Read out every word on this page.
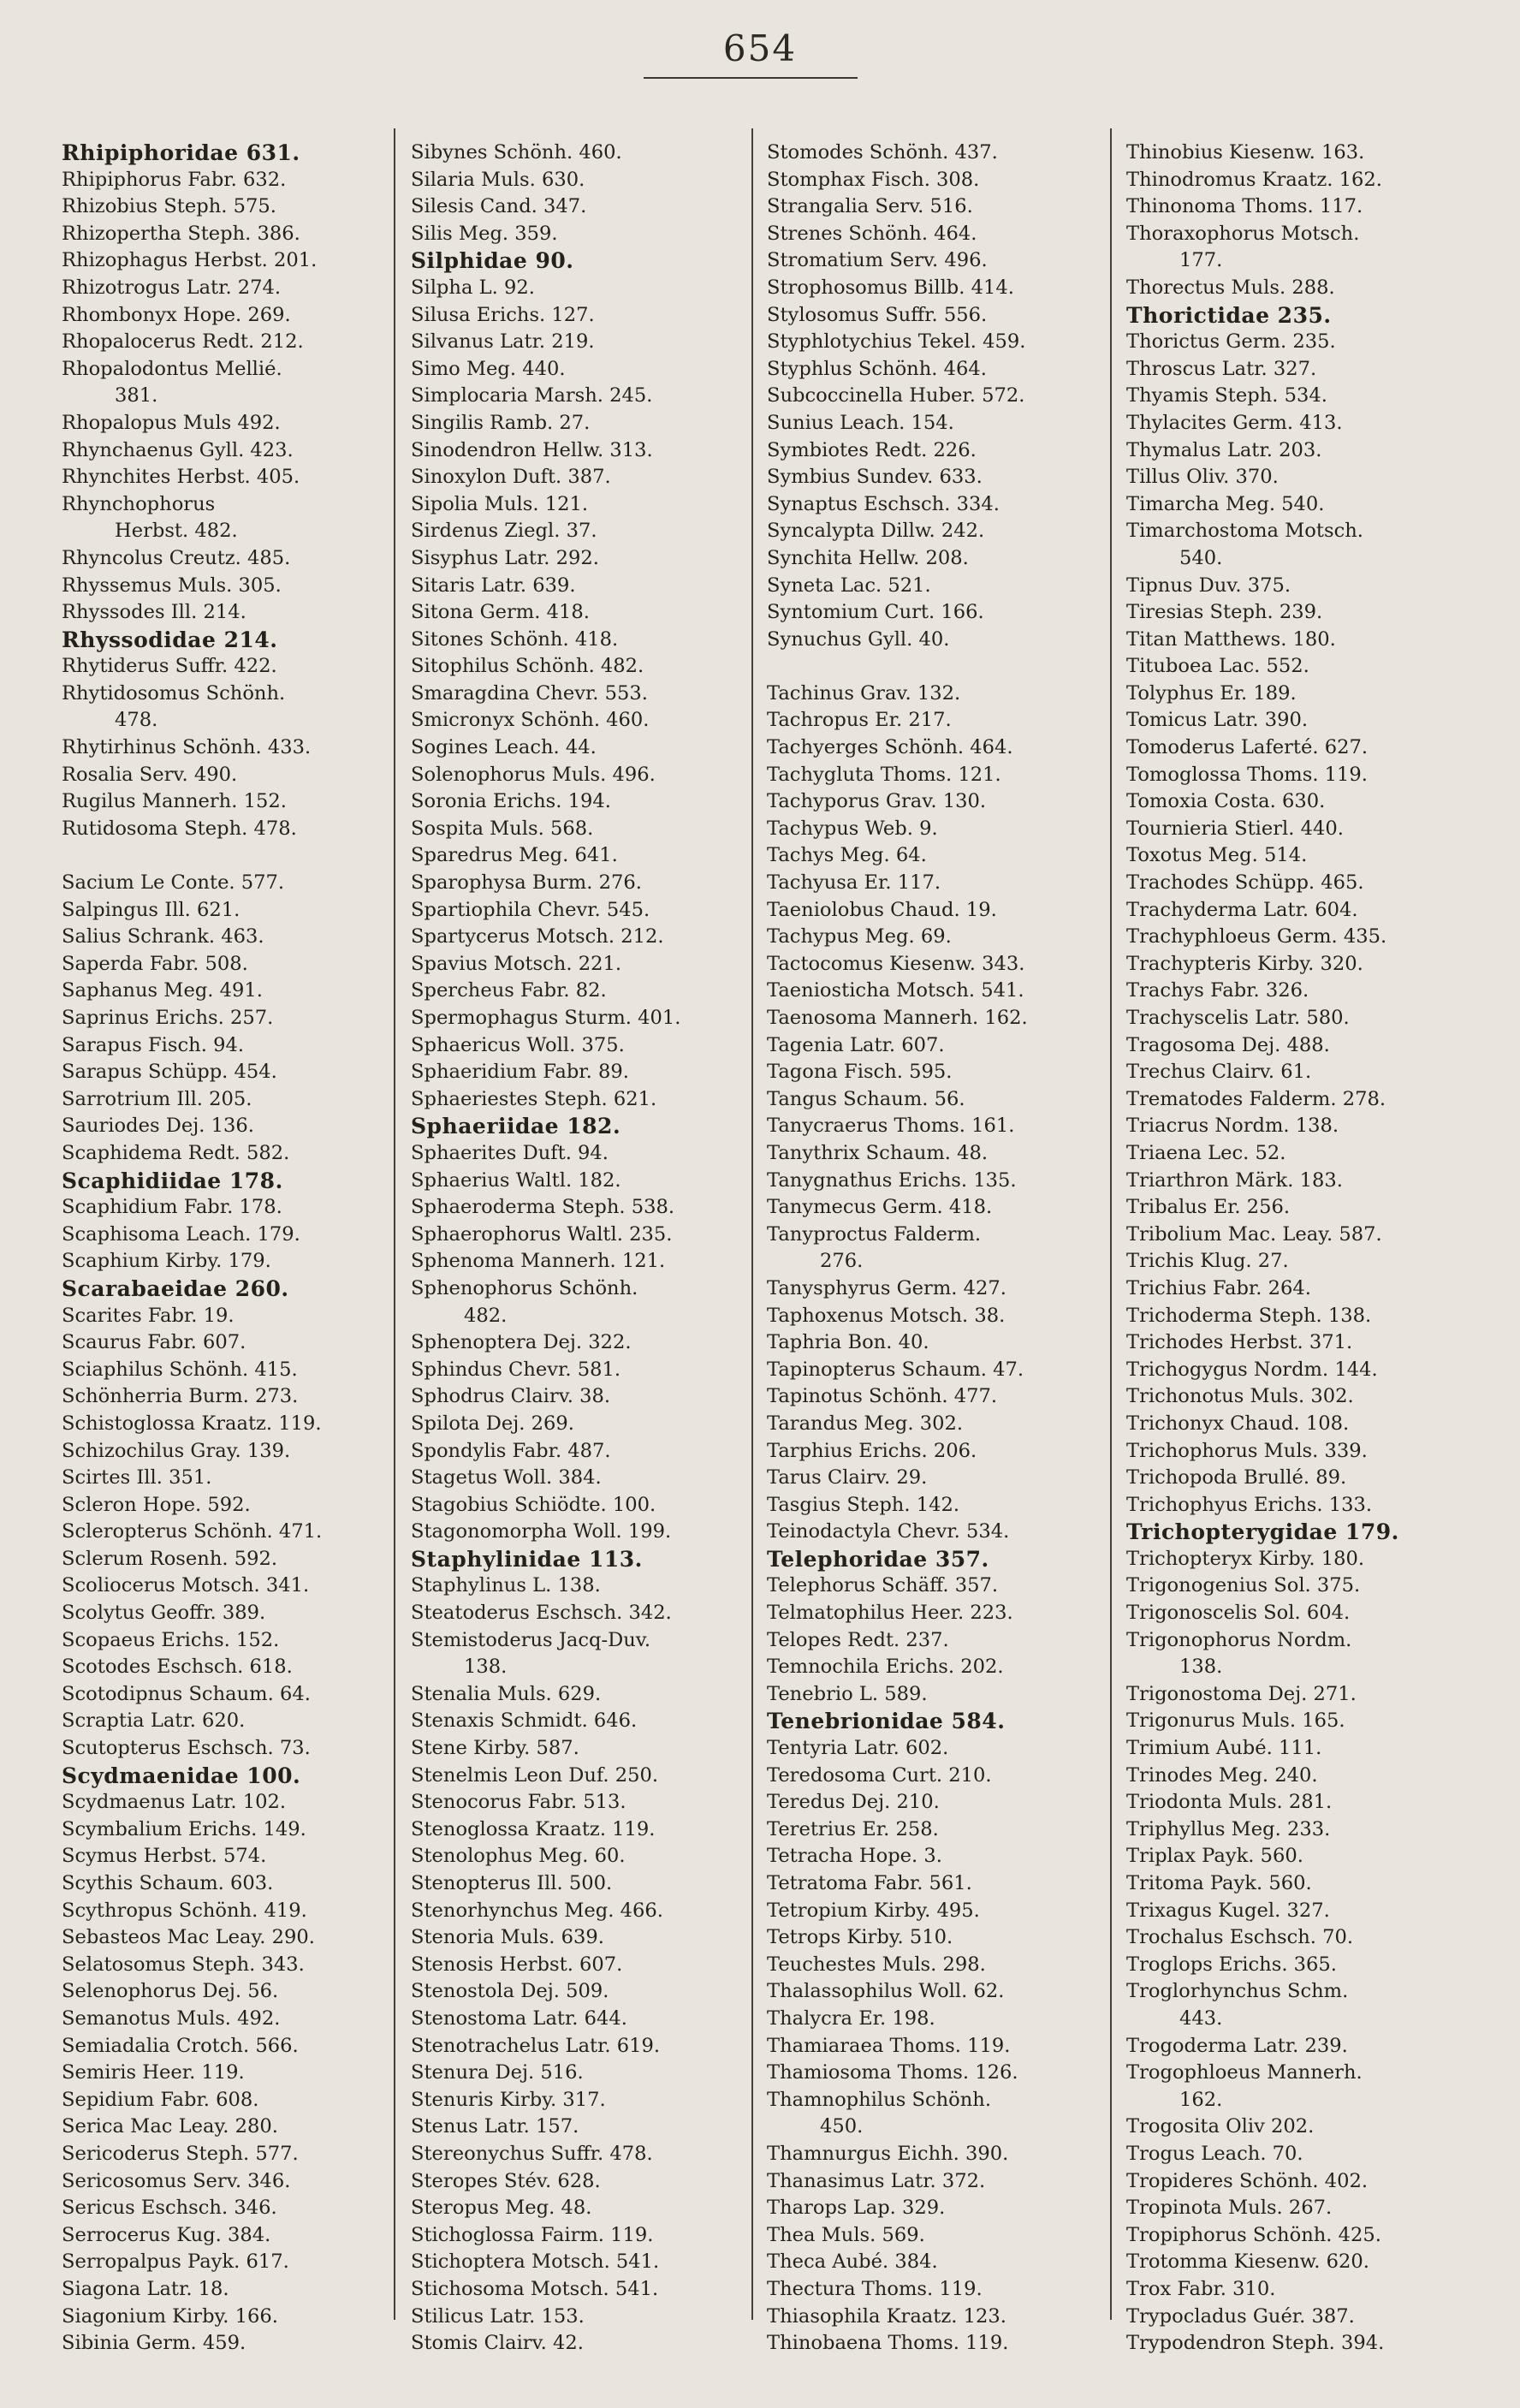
654
Rhipiphoridae 631.
Rhipiphorus Fabr. 632.
Rhizobius Steph. 575.
Rhizopertha Steph. 386.
Rhizophagus Herbst. 201.
Rhizotrogus Latr. 274.
Rhombonyx Hope. 269.
Rhopalocerus Redt. 212.
Rhopalodontus Mellié.
381.
Rhopalopus Muls 492.
Rhynchaenus Gyll. 423.
Rhynchites Herbst. 405.
Rhynchophorus
Herbst. 482.
Rhyncolus Creutz. 485.
Rhyssemus Muls. 305.
Rhyssodes Ill. 214.
Rhyssodidae 214.
Rhytiderus Suffr. 422.
Rhytidosomus Schönh.
478.
Rhytirhinus Schönh. 433.
Rosalia Serv. 490.
Rugilus Mannerh. 152.
Rutidosoma Steph. 478.
Sacium Le Conte. 577.
Salpingus Ill. 621.
Salius Schrank. 463.
Saperda Fabr. 508.
Saphanus Meg. 491.
Saprinus Erichs. 257.
Sarapus Fisch. 94.
Sarapus Schüpp. 454.
Sarrotrium Ill. 205.
Sauriodes Dej. 136.
Scaphidema Redt. 582.
Scaphidiidae 178.
Scaphidium Fabr. 178.
Scaphisoma Leach. 179.
Scaphium Kirby. 179.
Scarabaeidae 260.
Scarites Fabr. 19.
Scaurus Fabr. 607.
Sciaphilus Schönh. 415.
Schönherria Burm. 273.
Schistoglossa Kraatz. 119.
Schizochilus Gray. 139.
Scirtes Ill. 351.
Scleron Hope. 592.
Scleropterus Schönh. 471.
Sclerum Rosenh. 592.
Scoliocerus Motsch. 341.
Scolytus Geoffr. 389.
Scopaeus Erichs. 152.
Scotodes Eschsch. 618.
Scotodipnus Schaum. 64.
Scraptia Latr. 620.
Scutopterus Eschsch. 73.
Scydmaenidae 100.
Scydmaenus Latr. 102.
Scymbalium Erichs. 149.
Scymus Herbst. 574.
Scythis Schaum. 603.
Scythropus Schönh. 419.
Sebasteos Mac Leay. 290.
Selatosomus Steph. 343.
Selenophorus Dej. 56.
Semanotus Muls. 492.
Semiadalia Crotch. 566.
Semiris Heer. 119.
Sepidium Fabr. 608.
Serica Mac Leay. 280.
Sericoderus Steph. 577.
Sericosomus Serv. 346.
Sericus Eschsch. 346.
Serrocerus Kug. 384.
Serropalpus Payk. 617.
Siagona Latr. 18.
Siagonium Kirby. 166.
Sibinia Germ. 459.
Sibynes Schönh. 460.
Silaria Muls. 630.
Silesis Cand. 347.
Silis Meg. 359.
Silphidae 90.
Silpha L. 92.
Silusa Erichs. 127.
Silvanus Latr. 219.
Simo Meg. 440.
Simplocaria Marsh. 245.
Singilis Ramb. 27.
Sinodendron Hellw. 313.
Sinoxylon Duft. 387.
Sipolia Muls. 121.
Sirdenus Ziegl. 37.
Sisyphus Latr. 292.
Sitaris Latr. 639.
Sitona Germ. 418.
Sitones Schönh. 418.
Sitophilus Schönh. 482.
Smaragdina Chevr. 553.
Smicronyx Schönh. 460.
Sogines Leach. 44.
Solenophorus Muls. 496.
Soronia Erichs. 194.
Sospita Muls. 568.
Sparedrus Meg. 641.
Sparophysa Burm. 276.
Spartiophila Chevr. 545.
Spartycerus Motsch. 212.
Spavius Motsch. 221.
Spercheus Fabr. 82.
Spermophagus Sturm. 401.
Sphaericus Woll. 375.
Sphaeridium Fabr. 89.
Sphaeriestes Steph. 621.
Sphaeriidae 182.
Sphaerites Duft. 94.
Sphaerius Waltl. 182.
Sphaeroderma Steph. 538.
Sphaerophorus Waltl. 235.
Sphenoma Mannerh. 121.
Sphenophorus Schönh.
482.
Sphenoptera Dej. 322.
Sphindus Chevr. 581.
Sphodrus Clairv. 38.
Spilota Dej. 269.
Spondylis Fabr. 487.
Stagetus Woll. 384.
Stagobius Schiödte. 100.
Stagonomorpha Woll. 199.
Staphylinidae 113.
Staphylinus L. 138.
Steatoderus Eschsch. 342.
Stemistoderus Jacq-Duv.
138.
Stenalia Muls. 629.
Stenaxis Schmidt. 646.
Stene Kirby. 587.
Stenelmis Leon Duf. 250.
Stenocorus Fabr. 513.
Stenoglossa Kraatz. 119.
Stenolophus Meg. 60.
Stenopterus Ill. 500.
Stenorhynchus Meg. 466.
Stenoria Muls. 639.
Stenosis Herbst. 607.
Stenostola Dej. 509.
Stenostoma Latr. 644.
Stenotrachelus Latr. 619.
Stenura Dej. 516.
Stenuris Kirby. 317.
Stenus Latr. 157.
Stereonychus Suffr. 478.
Steropes Stév. 628.
Steropus Meg. 48.
Stichoglossa Fairm. 119.
Stichoptera Motsch. 541.
Stichosoma Motsch. 541.
Stilicus Latr. 153.
Stomis Clairv. 42.
Stomodes Schönh. 437.
Stomphax Fisch. 308.
Strangalia Serv. 516.
Strenes Schönh. 464.
Stromatium Serv. 496.
Strophosomus Billb. 414.
Stylosomus Suffr. 556.
Styphlotychius Tekel. 459.
Styphlus Schönh. 464.
Subcoccinella Huber. 572.
Sunius Leach. 154.
Symbiotes Redt. 226.
Symbius Sundev. 633.
Synaptus Eschsch. 334.
Syncalypta Dillw. 242.
Synchita Hellw. 208.
Syneta Lac. 521.
Syntomium Curt. 166.
Synuchus Gyll. 40.
Tachinus Grav. 132.
Tachropus Er. 217.
Tachyerges Schönh. 464.
Tachygluta Thoms. 121.
Tachyporus Grav. 130.
Tachypus Web. 9.
Tachys Meg. 64.
Tachyusa Er. 117.
Taeniolobus Chaud. 19.
Tachypus Meg. 69.
Tactocomus Kiesenw. 343.
Taeniosticha Motsch. 541.
Taenosoma Mannerh. 162.
Tagenia Latr. 607.
Tagona Fisch. 595.
Tangus Schaum. 56.
Tanycraerus Thoms. 161.
Tanythrix Schaum. 48.
Tanygnathus Erichs. 135.
Tanymecus Germ. 418.
Tanyproctus Falderm.
276.
Tanysphyrus Germ. 427.
Taphoxenus Motsch. 38.
Taphria Bon. 40.
Tapinopterus Schaum. 47.
Tapinotus Schönh. 477.
Tarandus Meg. 302.
Tarphius Erichs. 206.
Tarus Clairv. 29.
Tasgius Steph. 142.
Teinodactyla Chevr. 534.
Telephoridae 357.
Telephorus Schäff. 357.
Telmatophilus Heer. 223.
Telopes Redt. 237.
Temnochila Erichs. 202.
Tenebrio L. 589.
Tenebrionidae 584.
Tentyria Latr. 602.
Teredosoma Curt. 210.
Teredus Dej. 210.
Teretrius Er. 258.
Tetracha Hope. 3.
Tetratoma Fabr. 561.
Tetropium Kirby. 495.
Tetrops Kirby. 510.
Teuchestes Muls. 298.
Thalassophilus Woll. 62.
Thalycra Er. 198.
Thamiaraea Thoms. 119.
Thamiosoma Thoms. 126.
Thamnophilus Schönh.
450.
Thamnurgus Eichh. 390.
Thanasimus Latr. 372.
Tharops Lap. 329.
Thea Muls. 569.
Theca Aubé. 384.
Thectura Thoms. 119.
Thiasophila Kraatz. 123.
Thinobaena Thoms. 119.
Thinobius Kiesenw. 163.
Thinodromus Kraatz. 162.
Thinonoma Thoms. 117.
Thoraxophorus Motsch.
177.
Thorectus Muls. 288.
Thorictidae 235.
Thorictus Germ. 235.
Throscus Latr. 327.
Thyamis Steph. 534.
Thylacites Germ. 413.
Thymalus Latr. 203.
Tillus Oliv. 370.
Timarcha Meg. 540.
Timarchostoma Motsch.
540.
Tipnus Duv. 375.
Tiresias Steph. 239.
Titan Matthews. 180.
Tituboea Lac. 552.
Tolyphus Er. 189.
Tomicus Latr. 390.
Tomoderus Laferté. 627.
Tomoglossa Thoms. 119.
Tomoxia Costa. 630.
Tournieria Stierl. 440.
Toxotus Meg. 514.
Trachodes Schüpp. 465.
Trachyderma Latr. 604.
Trachyphloeus Germ. 435.
Trachypteris Kirby. 320.
Trachys Fabr. 326.
Trachyscelis Latr. 580.
Tragosoma Dej. 488.
Trechus Clairv. 61.
Trematodes Falderm. 278.
Triacrus Nordm. 138.
Triaena Lec. 52.
Triarthron Märk. 183.
Tribalus Er. 256.
Tribolium Mac. Leay. 587.
Trichis Klug. 27.
Trichius Fabr. 264.
Trichoderma Steph. 138.
Trichodes Herbst. 371.
Trichogygus Nordm. 144.
Trichonotus Muls. 302.
Trichonyx Chaud. 108.
Trichophorus Muls. 339.
Trichopoda Brullé. 89.
Trichophyus Erichs. 133.
Trichopterygidae 179.
Trichopteryx Kirby. 180.
Trigonogenius Sol. 375.
Trigonoscelis Sol. 604.
Trigonophorus Nordm.
138.
Trigonostoma Dej. 271.
Trigonurus Muls. 165.
Trimium Aubé. 111.
Trinodes Meg. 240.
Triodonta Muls. 281.
Triphyllus Meg. 233.
Triplax Payk. 560.
Tritoma Payk. 560.
Trixagus Kugel. 327.
Trochalus Eschsch. 70.
Troglops Erichs. 365.
Troglorhynchus Schm.
443.
Trogoderma Latr. 239.
Trogophloeus Mannerh.
162.
Trogosita Oliv 202.
Trogus Leach. 70.
Tropideres Schönh. 402.
Tropinota Muls. 267.
Tropiphorus Schönh. 425.
Trotomma Kiesenw. 620.
Trox Fabr. 310.
Trypocladus Guér. 387.
Trypodendron Steph. 394.
